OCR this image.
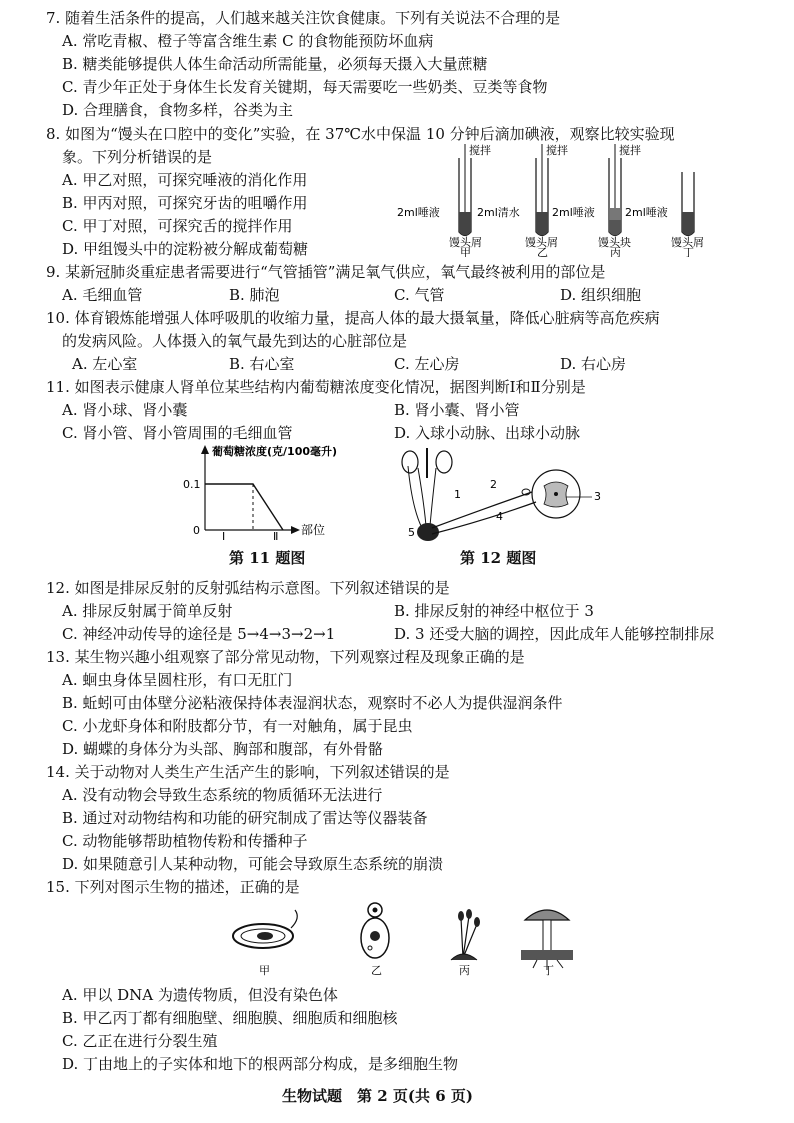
7. 随着生活条件的提高，人们越来越关注饮食健康。下列有关说法不合理的是
A. 常吃青椒、橙子等富含维生素 C 的食物能预防坏血病
B. 糖类能够提供人体生命活动所需能量，必须每天摄入大量蔗糖
C. 青少年正处于身体生长发育关键期，每天需要吃一些奶类、豆类等食物
D. 合理膳食，食物多样，谷类为主
8. 如图为“馒头在口腔中的变化”实验，在 37℃水中保温 10 分钟后滴加碘液，观察比较实验现
象。下列分析错误的是
A. 甲乙对照，可探究唾液的消化作用
B. 甲丙对照，可探究牙齿的咀嚼作用
C. 甲丁对照，可探究舌的搅拌作用
D. 甲组馒头中的淀粉被分解成葡萄糖
搅拌
2ml唾液
馒头屑
甲
搅拌
2ml清水
馒头屑
乙
搅拌
2ml唾液
馒头块
丙
2ml唾液
馒头屑
丁
9. 某新冠肺炎重症患者需要进行“气管插管”满足氧气供应，氧气最终被利用的部位是
A. 毛细血管	B. 肺泡	C. 气管	D. 组织细胞
10. 体育锻炼能增强人体呼吸肌的收缩力量，提高人体的最大摄氧量，降低心脏病等高危疾病
的发病风险。人体摄入的氧气最先到达的心脏部位是
A. 左心室	B. 右心室	C. 左心房	D. 右心房
11. 如图表示健康人肾单位某些结构内葡萄糖浓度变化情况，据图判断Ⅰ和Ⅱ分别是
A. 肾小球、肾小囊	B. 肾小囊、肾小管
C. 肾小管、肾小管周围的毛细血管	D. 入球小动脉、出球小动脉
葡萄糖浓度(克/100毫升)
0.1
0	部位
Ⅰ	Ⅱ
第 11 题图
1
2
3
4
5
第 12 题图
12. 如图是排尿反射的反射弧结构示意图。下列叙述错误的是
A. 排尿反射属于简单反射	B. 排尿反射的神经中枢位于 3
C. 神经冲动传导的途径是 5→4→3→2→1	D. 3 还受大脑的调控，因此成年人能够控制排尿
13. 某生物兴趣小组观察了部分常见动物，下列观察过程及现象正确的是
A. 蛔虫身体呈圆柱形，有口无肛门
B. 蚯蚓可由体壁分泌粘液保持体表湿润状态，观察时不必人为提供湿润条件
C. 小龙虾身体和附肢都分节，有一对触角，属于昆虫
D. 蝴蝶的身体分为头部、胸部和腹部，有外骨骼
14. 关于动物对人类生产生活产生的影响，下列叙述错误的是
A. 没有动物会导致生态系统的物质循环无法进行
B. 通过对动物结构和功能的研究制成了雷达等仪器装备
C. 动物能够帮助植物传粉和传播种子
D. 如果随意引人某种动物，可能会导致原生态系统的崩溃
15. 下列对图示生物的描述，正确的是
甲	乙	丙	丁
A. 甲以 DNA 为遗传物质，但没有染色体
B. 甲乙丙丁都有细胞壁、细胞膜、细胞质和细胞核
C. 乙正在进行分裂生殖
D. 丁由地上的子实体和地下的根两部分构成，是多细胞生物
生物试题　第 2 页(共 6 页)
